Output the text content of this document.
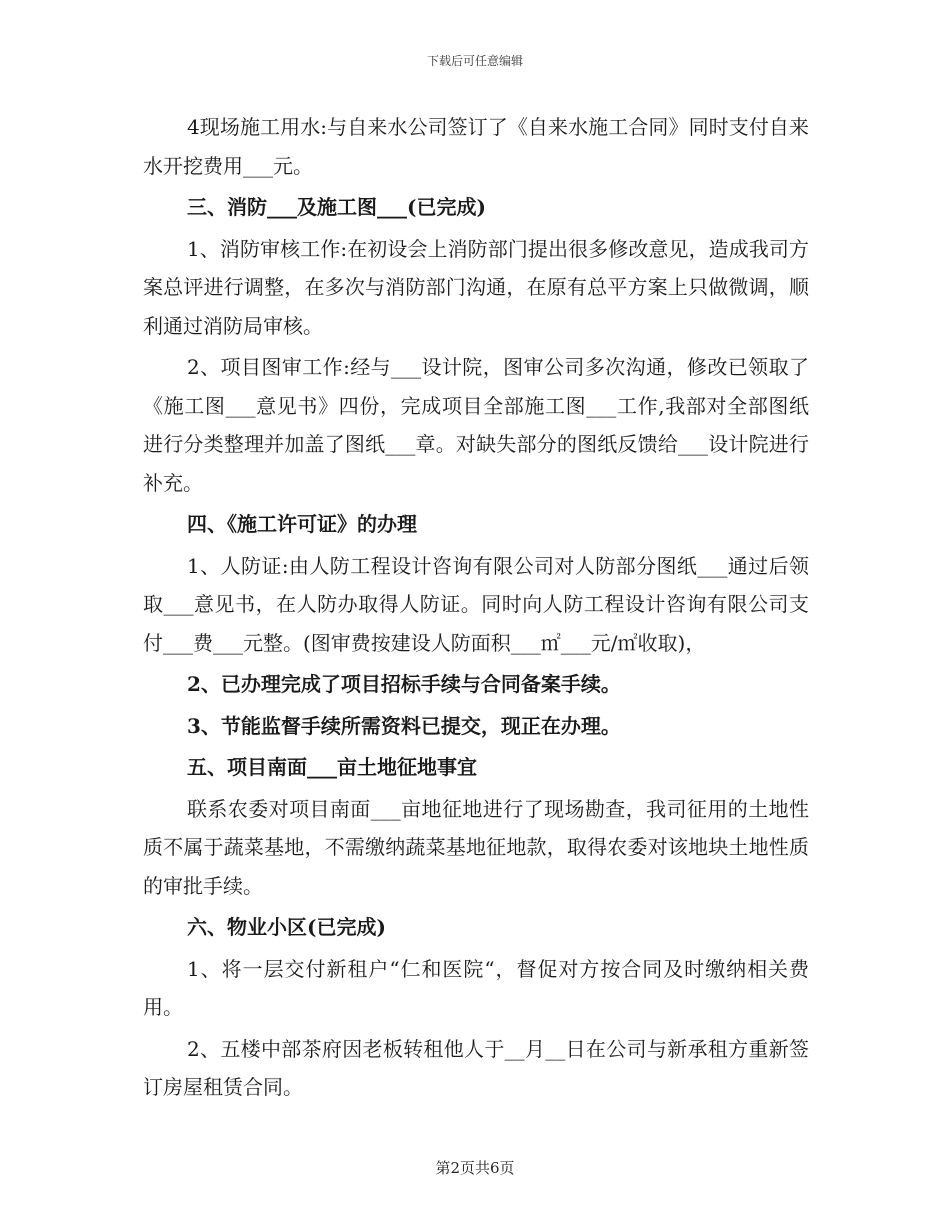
下载后可任意编辑

4现场施工用水:与自来水公司签订了《自来水施工合同》同时支付自来水开挖费用___元。

三、消防___及施工图___(已完成)

1、消防审核工作:在初设会上消防部门提出很多修改意见，造成我司方案总评进行调整，在多次与消防部门沟通，在原有总平方案上只做微调，顺利通过消防局审核。

2、项目图审工作:经与___设计院，图审公司多次沟通，修改已领取了《施工图___意见书》四份，完成项目全部施工图___工作,我部对全部图纸进行分类整理并加盖了图纸___章。对缺失部分的图纸反馈给___设计院进行补充。

四、《施工许可证》的办理

1、人防证:由人防工程设计咨询有限公司对人防部分图纸___通过后领取___意见书，在人防办取得人防证。同时向人防工程设计咨询有限公司支付___费___元整。(图审费按建设人防面积___㎡___元/㎡收取)，

2、已办理完成了项目招标手续与合同备案手续。

3、节能监督手续所需资料已提交，现正在办理。

五、项目南面___亩土地征地事宜

联系农委对项目南面___亩地征地进行了现场勘查，我司征用的土地性质不属于蔬菜基地，不需缴纳蔬菜基地征地款，取得农委对该地块土地性质的审批手续。

六、物业小区(已完成)

1、将一层交付新租户“仁和医院“，督促对方按合同及时缴纳相关费用。

2、五楼中部茶府因老板转租他人于__月__日在公司与新承租方重新签订房屋租赁合同。

第2页共6页
